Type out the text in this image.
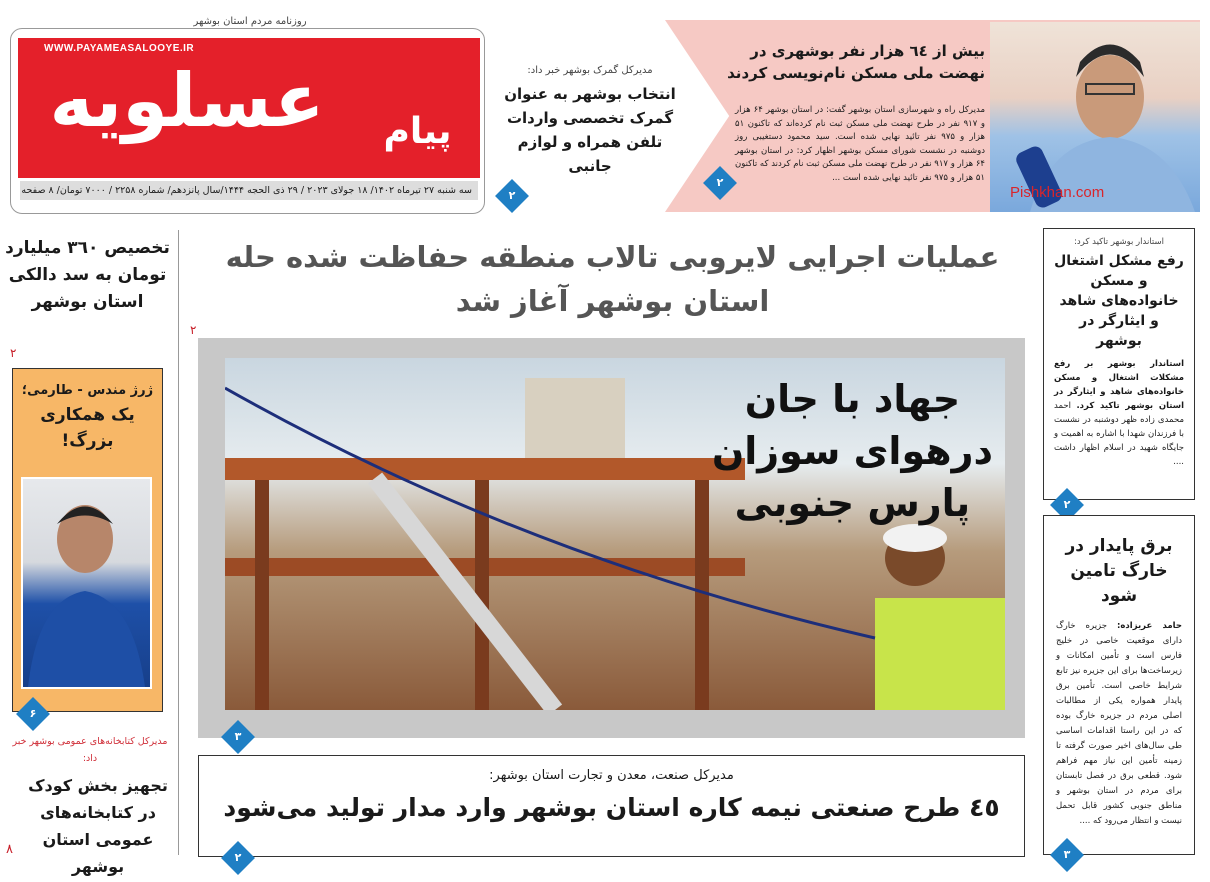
روزنامه مردم استان بوشهر
WWW.PAYAMEASALOOYE.IR
عسلویه	پیام
سه شنبه ۲۷ تیرماه ۱۴۰۲/ ۱۸ جولای ۲۰۲۳ / ۲۹ ذی الحجه ۱۴۴۴/سال پانزدهم/ شماره ۲۲۵۸ / ۷۰۰۰ تومان/ ۸ صفحه
مدیرکل گمرک بوشهر خبر داد:
انتخاب بوشهر به عنوان گمرک تخصصی واردات تلفن همراه و لوازم جانبی
۲
بیش از ٦٤ هزار نفر بوشهری در نهضت ملی مسکن نام‌نویسی کردند
مدیرکل راه و شهرسازی استان بوشهر گفت: در استان بوشهر ۶۴ هزار و ۹۱۷ نفر در طرح نهضت ملی مسکن ثبت نام کرده‌اند که تاکنون ۵۱ هزار و ۹۷۵ نفر تائید نهایی شده است. سید محمود دستغیبی روز دوشنبه در نشست شورای مسکن بوشهر اظهار کرد: در استان بوشهر ۶۴ هزار و ۹۱۷ نفر در طرح نهضت ملی مسکن ثبت نام کردند که تاکنون ۵۱ هزار و ۹۷۵ نفر تائید نهایی شده است ...
Pishkhan.com
۲
تخصیص ٣٦٠ میلیارد تومان به سد دالکی استان بوشهر
۲
ژرژ مندس - طارمی؛
یک همکاری بزرگ!
۶
مدیرکل کتابخانه‌های عمومی بوشهر خبر داد:
تجهیز بخش کودک در کتابخانه‌های عمومی استان بوشهر
۸
عملیات اجرایی لایروبی تالاب منطقه حفاظت شده حله استان بوشهر آغاز شد
۲
جهاد با جان
درهوای سوزان
پارس جنوبی
۳
مدیرکل صنعت، معدن و تجارت استان بوشهر:
٤٥ طرح صنعتی نیمه کاره استان بوشهر وارد مدار تولید می‌شود
۲
استاندار بوشهر تاکید کرد:
رفع مشکل اشتغال و مسکن خانواده‌های شاهد و ایثارگر در بوشهر
استاندار بوشهر بر رفع مشکلات اشتغال و مسکن خانواده‌های شاهد و ایثارگر در استان بوشهر تاکید کرد. احمد محمدی زاده ظهر دوشنبه در نشست با فرزندان شهدا با اشاره به اهمیت و جایگاه شهید در اسلام اظهار داشت ....
۲
برق پایدار در خارگ تامین شود
حامد عریزاده: جزیره خارگ دارای موقعیت خاصی در خلیج فارس است و تأمین امکانات و زیرساخت‌ها برای این جزیره نیز تابع شرایط خاصی است. تأمین برق پایدار همواره یکی از مطالبات اصلی مردم در جزیره خارگ بوده که در این راستا اقدامات اساسی طی سال‌های اخیر صورت گرفته تا زمینه تأمین این نیاز مهم فراهم شود. قطعی برق در فصل تابستان برای مردم در استان بوشهر و مناطق جنوبی کشور قابل تحمل نیست و انتظار می‌رود که ....
۳
